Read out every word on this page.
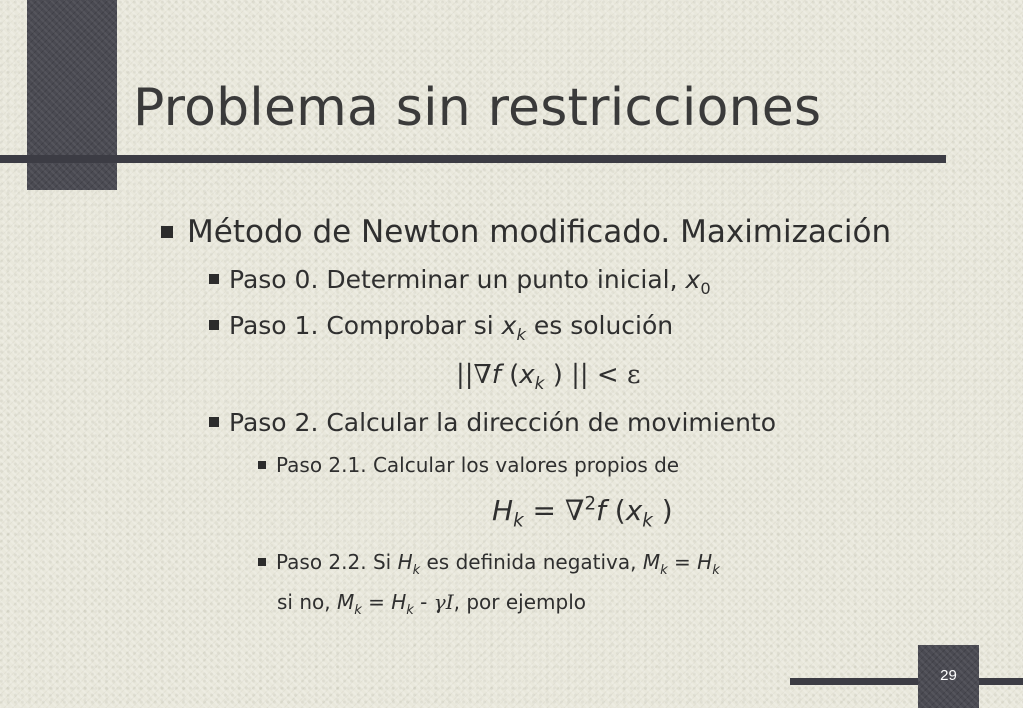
Problema sin restricciones
Método de Newton modificado. Maximización
Paso 0. Determinar un punto inicial, $x_0$
Paso 1. Comprobar si $x_k$ es solución
||∇f ($x_k$ ) || < ε
Paso 2. Calcular la dirección de movimiento
Paso 2.1. Calcular los valores propios de
$H_k = \nabla^2f$ ($x_k$ )
Paso 2.2. Si $H_k$ es definida negativa, $M_k = H_k$
si no, $M_k = H_k - \gamma I$, por ejemplo
29
